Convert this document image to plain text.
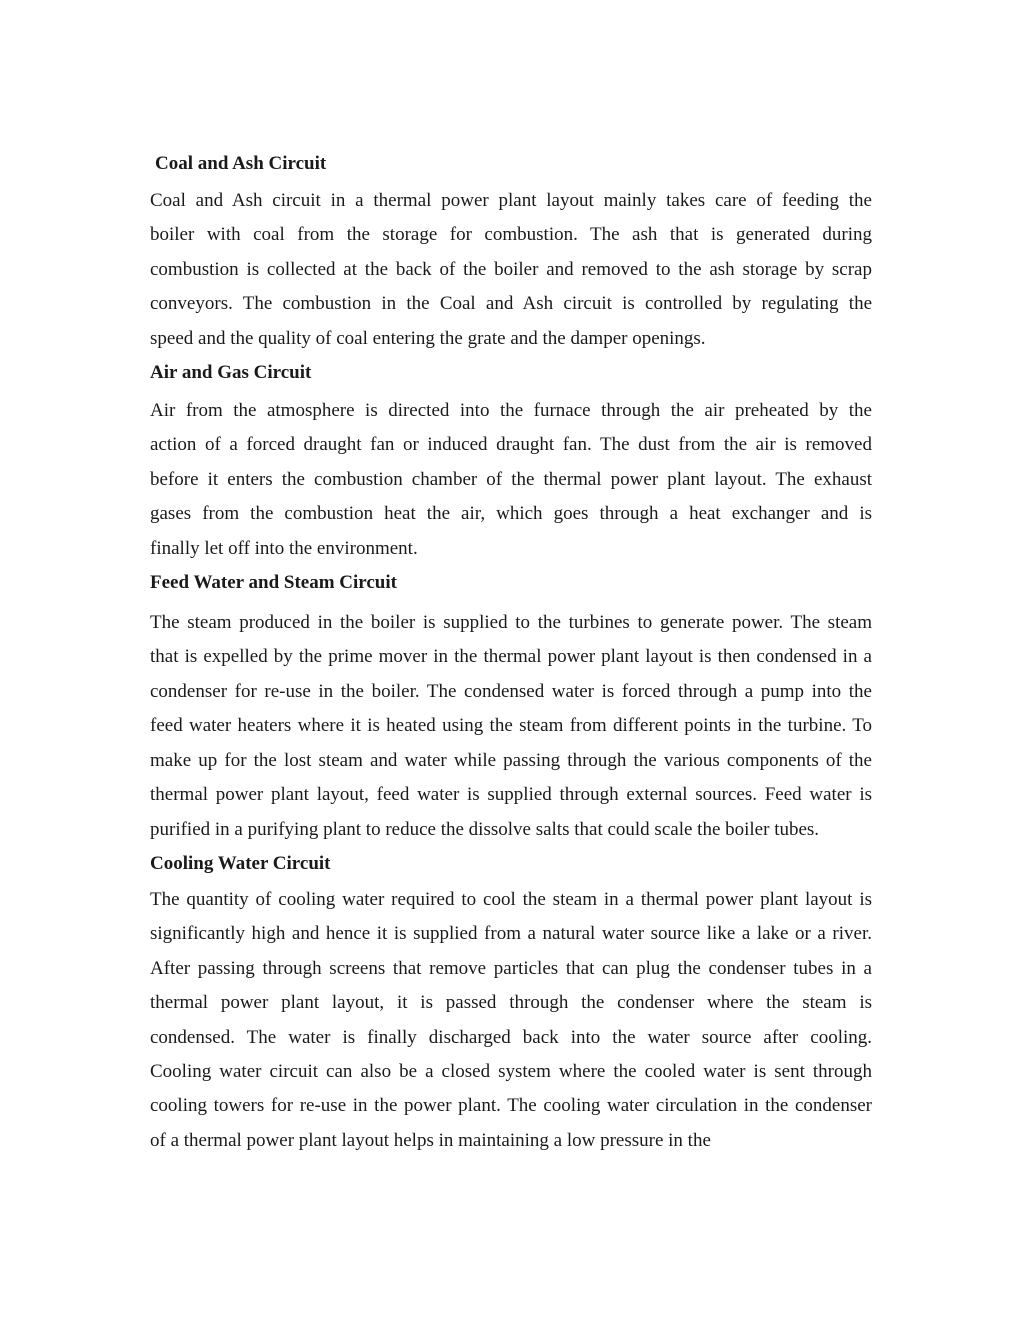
Coal and Ash Circuit
Coal and Ash circuit in a thermal power plant layout mainly takes care of feeding the
boiler with coal from the storage for combustion. The ash that is generated during
combustion is collected at the back of the boiler and removed to the ash storage by scrap
conveyors. The combustion in the Coal and Ash circuit is controlled by regulating the
speed and the quality of coal entering the grate and the damper openings.
Air and Gas Circuit
Air from the atmosphere is directed into the furnace through the air preheated by the
action of a forced draught fan or induced draught fan. The dust from the air is removed
before it enters the combustion chamber of the thermal power plant layout. The exhaust
gases from the combustion heat the air, which goes through a heat exchanger and is
finally let off into the environment.
Feed Water and Steam Circuit
The steam produced in the boiler is supplied to the turbines to generate power. The steam
that is expelled by the prime mover in the thermal power plant layout is then condensed in a
condenser for re-use in the boiler. The condensed water is forced through a pump into the
feed water heaters where it is heated using the steam from different points in the turbine. To
make up for the lost steam and water while passing through the various components of the
thermal power plant layout, feed water is supplied through external sources. Feed water is
purified in a purifying plant to reduce the dissolve salts that could scale the boiler tubes.
Cooling Water Circuit
The quantity of cooling water required to cool the steam in a thermal power plant layout is
significantly high and hence it is supplied from a natural water source like a lake or a river.
After passing through screens that remove particles that can plug the condenser tubes in a
thermal power plant layout, it is passed through the condenser where the steam is
condensed. The water is finally discharged back into the water source after cooling.
Cooling water circuit can also be a closed system where the cooled water is sent through
cooling towers for re-use in the power plant. The cooling water circulation in the condenser
of a thermal power plant layout helps in maintaining a low pressure in the
